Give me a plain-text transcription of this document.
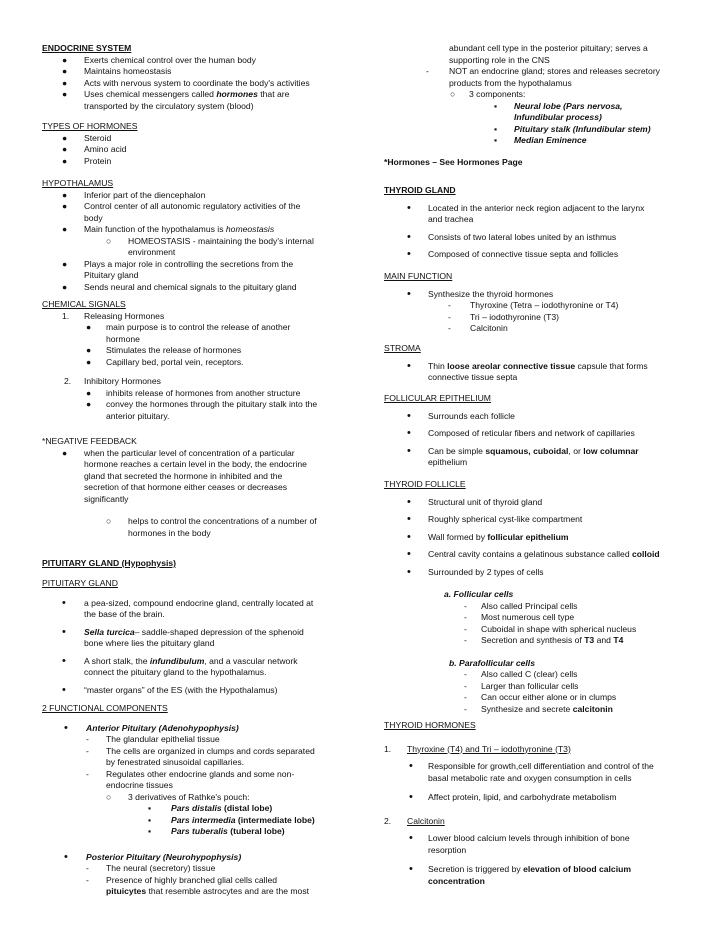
ENDOCRINE SYSTEM
● Exerts chemical control over the human body
● Maintains homeostasis
● Acts with nervous system to coordinate the body's activities
● Uses chemical messengers called hormones that are
transported by the circulatory system (blood)
TYPES OF HORMONES
● Steroid
● Amino acid
● Protein
HYPOTHALAMUS
● Inferior part of the diencephalon
● Control center of all autonomic regulatory activities of the
body
● Main function of the hypothalamus is homeostasis
○ HOMEOSTASIS - maintaining the body's internal
environment
● Plays a major role in controlling the secretions from the
Pituitary gland
● Sends neural and chemical signals to the pituitary gland
CHEMICAL SIGNALS
1. Releasing Hormones
● main purpose is to control the release of another
hormone
● Stimulates the release of hormones
● Capillary bed, portal vein, receptors.
2. Inhibitory Hormones
● inhibits release of hormones from another structure
● convey the hormones through the pituitary stalk into the
anterior pituitary.
*NEGATIVE FEEDBACK
● when the particular level of concentration of a particular
hormone reaches a certain level in the body, the endocrine
gland that secreted the hormone in inhibited and the
secretion of that hormone either ceases or decreases
significantly
○ helps to control the concentrations of a number of
hormones in the body
PITUITARY GLAND (Hypophysis)
PITUITARY GLAND
• a pea-sized, compound endocrine gland, centrally located at
the base of the brain.
• Sella turcica– saddle-shaped depression of the sphenoid
bone where lies the pituitary gland
• A short stalk, the infundibulum, and a vascular network
connect the pituitary gland to the hypothalamus.
• “master organs” of the ES (with the Hypothalamus)
2 FUNCTIONAL COMPONENTS
• Anterior Pituitary (Adenohypophysis)
- The glandular epithelial tissue
- The cells are organized in clumps and cords separated
by fenestrated sinusoidal capillaries.
- Regulates other endocrine glands and some non-
endocrine tissues
○ 3 derivatives of Rathke's pouch:
▪ Pars distalis (distal lobe)
▪ Pars intermedia (intermediate lobe)
▪ Pars tuberalis (tuberal lobe)
• Posterior Pituitary (Neurohypophysis)
- The neural (secretory) tissue
- Presence of highly branched glial cells called
pituicytes that resemble astrocytes and are the most
abundant cell type in the posterior pituitary; serves a
supporting role in the CNS
- NOT an endocrine gland; stores and releases secretory
products from the hypothalamus
○ 3 components:
▪ Neural lobe (Pars nervosa,
Infundibular process)
▪ Pituitary stalk (Infundibular stem)
▪ Median Eminence
*Hormones – See Hormones Page
THYROID GLAND
• Located in the anterior neck region adjacent to the larynx
and trachea
• Consists of two lateral lobes united by an isthmus
• Composed of connective tissue septa and follicles
MAIN FUNCTION
• Synthesize the thyroid hormones
- Thyroxine (Tetra – iodothyronine or T4)
- Tri – iodothyronine (T3)
- Calcitonin
STROMA
• Thin loose areolar connective tissue capsule that forms
connective tissue septa
FOLLICULAR EPITHELIUM
• Surrounds each follicle
• Composed of reticular fibers and network of capillaries
• Can be simple squamous, cuboidal, or low columnar
epithelium
THYROID FOLLICLE
• Structural unit of thyroid gland
• Roughly spherical cyst-like compartment
• Wall formed by follicular epithelium
• Central cavity contains a gelatinous substance called colloid
• Surrounded by 2 types of cells
a. Follicular cells
- Also called Principal cells
- Most numerous cell type
- Cuboidal in shape with spherical nucleus
- Secretion and synthesis of T3 and T4
b. Parafollicular cells
- Also called C (clear) cells
- Larger than follicular cells
- Can occur either alone or in clumps
- Synthesize and secrete calcitonin
THYROID HORMONES
1. Thyroxine (T4) and Tri – iodothyronine (T3)
• Responsible for growth,cell differentiation and control of the
basal metabolic rate and oxygen consumption in cells
• Affect protein, lipid, and carbohydrate metabolism
2. Calcitonin
• Lower blood calcium levels through inhibition of bone
resorption
• Secretion is triggered by elevation of blood calcium
concentration
